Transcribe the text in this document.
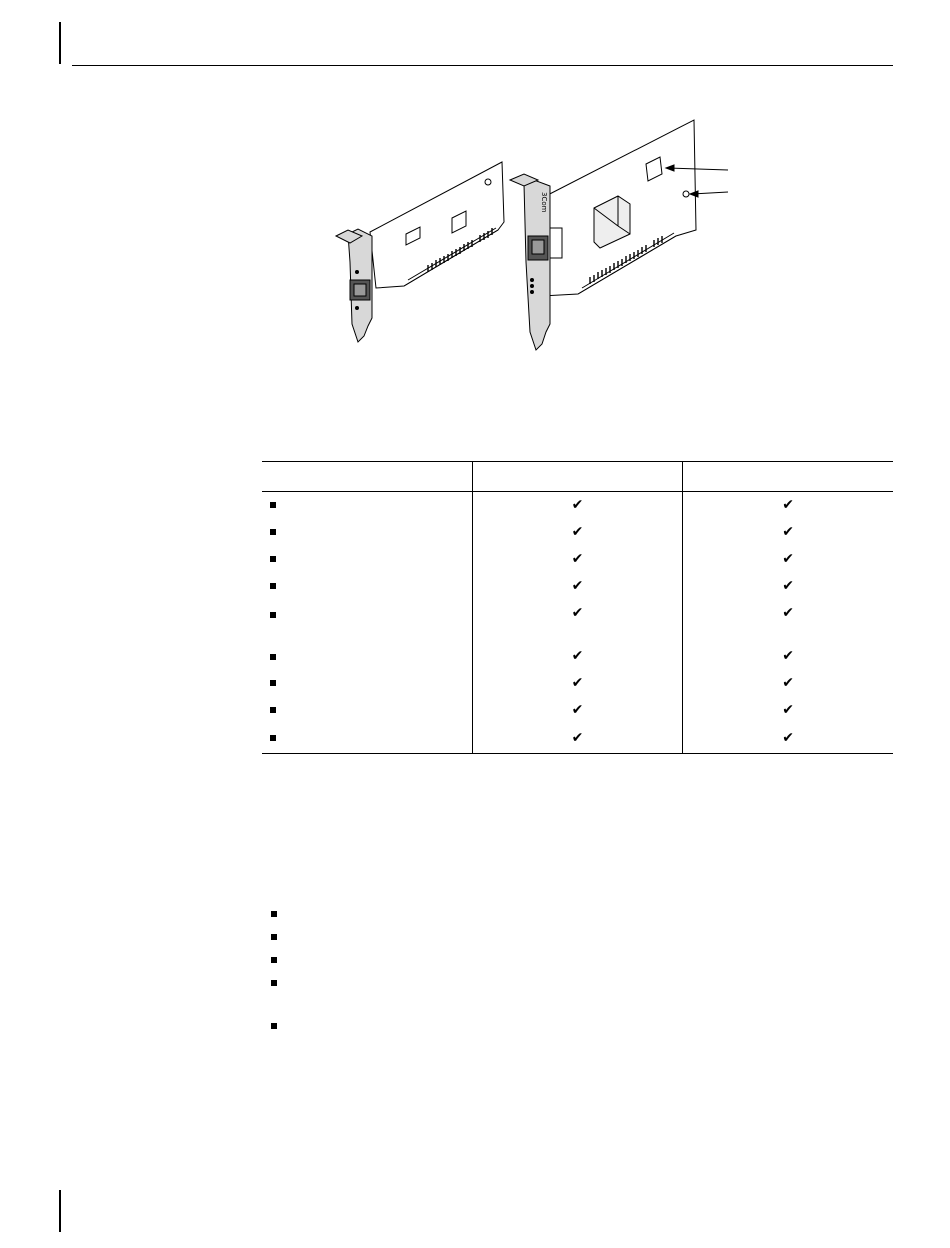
3Com

	✔	✔
	✔	✔
	✔	✔
	✔	✔
	✔	✔
	✔	✔
	✔	✔
	✔	✔
	✔	✔
